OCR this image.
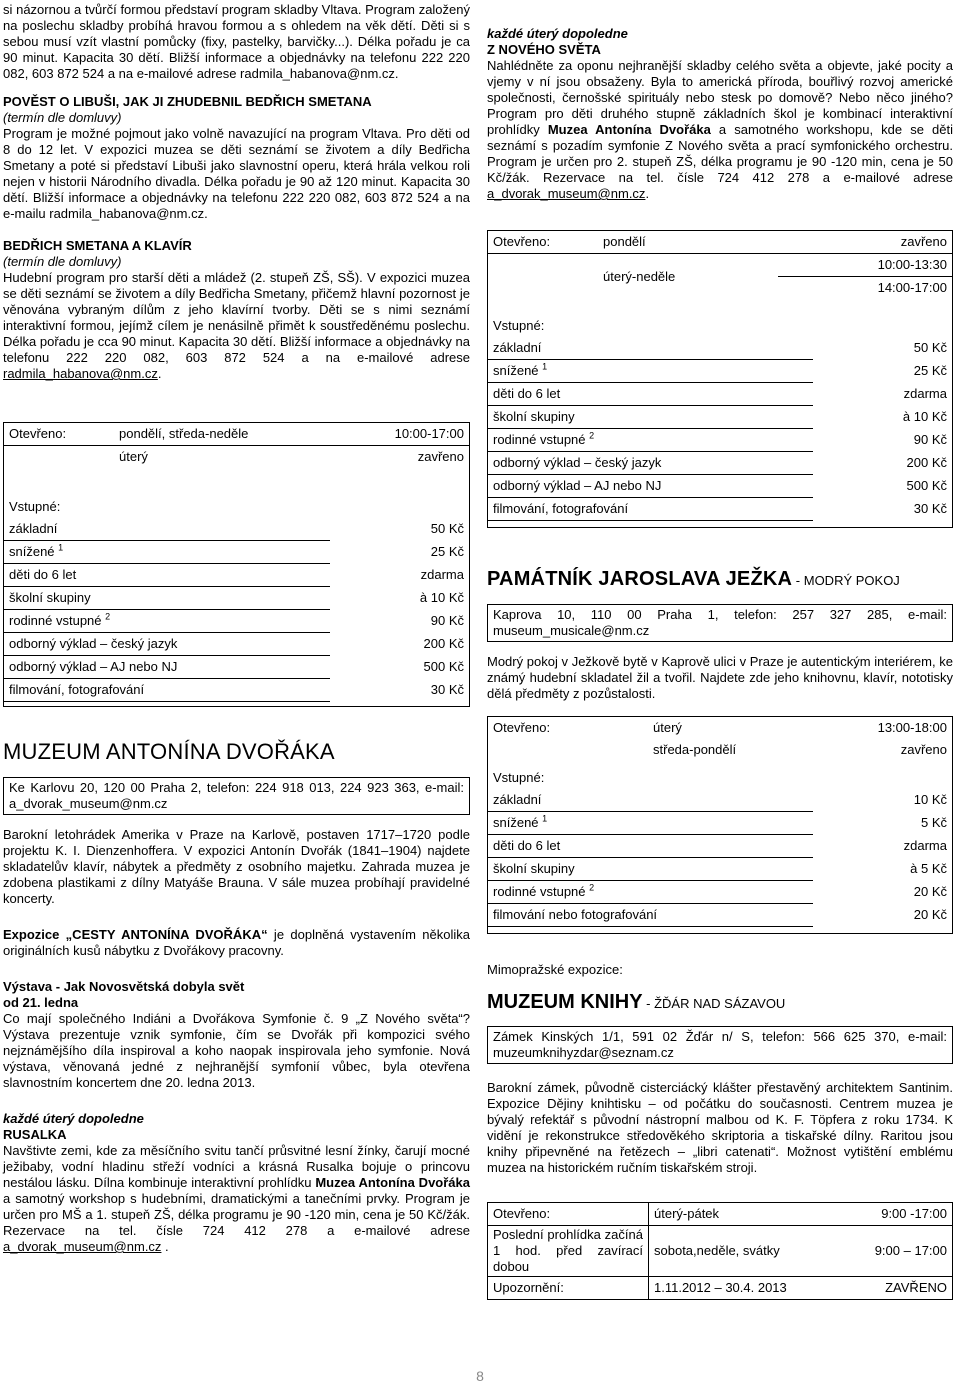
si názornou a tvůrčí formou představí program skladby Vltava. Program založený na poslechu skladby probíhá hravou formou a s ohledem na věk dětí. Děti si s sebou musí vzít vlastní pomůcky (fixy, pastelky, barvičky...). Délka pořadu je ca 90 minut. Kapacita 30 dětí. Bližší informace a objednávky na telefonu 222 220 082, 603 872 524 a na e-mailové adrese radmila_habanova@nm.cz.

POVĚST O LIBUŠI, JAK JI ZHUDEBNIL BEDŘICH SMETANA

(termín dle domluvy)

Program je možné pojmout jako volně navazující na program Vltava. Pro děti od 8 do 12 let. V expozici muzea se děti seznámí se životem a díly Bedřicha Smetany a poté si představí Libuši jako slavnostní operu, která hrála velkou roli nejen v historii Národního divadla. Délka pořadu je 90 až 120 minut. Kapacita 30 dětí. Bližší informace a objednávky na telefonu 222 220 082, 603 872 524 a na e-mailu radmila_habanova@nm.cz.

BEDŘICH SMETANA A KLAVÍR

(termín dle domluvy)

Hudební program pro starší děti a mládež (2. stupeň ZŠ, SŠ). V expozici muzea se děti seznámí se životem a díly Bedřicha Smetany, přičemž hlavní pozornost je věnována vybraným dílům z jeho klavírní tvorby. Děti se s nimi seznámí interaktivní formou, jejímž cílem je nenásilně přimět k soustředěnému poslechu. Délka pořadu je cca 90 minut. Kapacita 30 dětí. Bližší informace a objednávky na telefonu 222 220 082, 603 872 524 a na e-mailové adrese radmila_habanova@nm.cz.

Otevřeno:	pondělí, středa-neděle	10:00-17:00
	úterý	zavřeno
Vstupné:	
základní	50 Kč
snížené $^1$	25 Kč
děti do 6 let	zdarma
školní skupiny	à 10 Kč
rodinné vstupné $^2$	90 Kč
odborný výklad – český jazyk	200 Kč
odborný výklad – AJ nebo NJ	500 Kč
filmování, fotografování	30 Kč

MUZEUM ANTONÍNA DVOŘÁKA

Ke Karlovu 20, 120 00 Praha 2, telefon: 224 918 013, 224 923 363, e-mail: a_dvorak_museum@nm.cz

Barokní letohrádek Amerika v Praze na Karlově, postaven 1717–1720 podle projektu K. I. Dienzenhoffera. V expozici Antonín Dvořák (1841–1904) najdete skladatelův klavír, nábytek a předměty z osobního majetku. Zahrada muzea je zdobena plastikami z dílny Matyáše Brauna. V sále muzea probíhají pravidelné koncerty.

Expozice „CESTY ANTONÍNA DVOŘÁKA“ je doplněná vystavením několika originálních kusů nábytku z Dvořákovy pracovny.

Výstava - Jak Novosvětská dobyla svět

od 21. ledna

Co mají společného Indiáni a Dvořákova Symfonie č. 9 „Z Nového světa“? Výstava prezentuje vznik symfonie, čím se Dvořák při kompozici svého nejznámějšího díla inspiroval a koho naopak inspirovala jeho symfonie. Nová výstava, věnovaná jedné z nejhranější symfonií vůbec, byla otevřena slavnostním koncertem dne 20. ledna 2013.

každé úterý dopoledne

RUSALKA

Navštivte zemi, kde za měsíčního svitu tančí průsvitné lesní žínky, čarují mocné ježibaby, vodní hladinu střeží vodníci a krásná Rusalka bojuje o princovu nestálou lásku. Dílna kombinuje interaktivní prohlídku Muzea Antonína Dvořáka a samotný workshop s hudebními, dramatickými a tanečními prvky. Program je určen pro MŠ a 1. stupeň ZŠ, délka programu je 90 -120 min, cena je 50 Kč/žák. Rezervace na tel. čísle 724 412 278 a e-mailové adrese a_dvorak_museum@nm.cz .

každé úterý dopoledne

Z NOVÉHO SVĚTA

Nahlédněte za oponu nejhranější skladby celého světa a objevte, jaké pocity a vjemy v ní jsou obsaženy. Byla to americká příroda, bouřlivý rozvoj americké společnosti, černošské spirituály nebo stesk po domově? Nebo něco jiného? Program pro děti druhého stupně základních škol je kombinací interaktivní prohlídky Muzea Antonína Dvořáka a samotného workshopu, kde se děti seznámí s pozadím symfonie Z Nového světa a prací symfonického orchestru. Program je určen pro 2. stupeň ZŠ, délka programu je 90 -120 min, cena je 50 Kč/žák. Rezervace na tel. čísle 724 412 278 a e-mailové adrese a_dvorak_museum@nm.cz.

Otevřeno:	pondělí	zavřeno
	úterý-neděle	10:00-13:30
		14:00-17:00
Vstupné:	
základní	50 Kč
snížené $^1$	25 Kč
děti do 6 let	zdarma
školní skupiny	à 10 Kč
rodinné vstupné $^2$	90 Kč
odborný výklad – český jazyk	200 Kč
odborný výklad – AJ nebo NJ	500 Kč
filmování, fotografování	30 Kč

PAMÁTNÍK JAROSLAVA JEŽKA - MODRÝ POKOJ

Kaprova 10, 110 00 Praha 1, telefon: 257 327 285, e-mail: museum_musicale@nm.cz

Modrý pokoj v Ježkově bytě v Kaprově ulici v Praze je autentickým interiérem, ke známý hudební skladatel žil a tvořil. Najdete zde jeho knihovnu, klavír, nototisky dělá předměty z pozůstalosti.

Otevřeno:	úterý	13:00-18:00
	středa-pondělí	zavřeno
Vstupné:	
základní	10 Kč
snížené $^1$	5 Kč
děti do 6 let	zdarma
školní skupiny	à 5 Kč
rodinné vstupné $^2$	20 Kč
filmování nebo fotografování	20 Kč

Mimopražské expozice:

MUZEUM KNIHY - ŽĎÁR NAD SÁZAVOU

Zámek Kinských 1/1, 591 02 Žďár n/ S, telefon: 566 625 370, e-mail: muzeumknihyzdar@seznam.cz

Barokní zámek, původně cisterciácký klášter přestavěný architektem Santinim. Expozice Dějiny knihtisku – od počátku do současnosti. Centrem muzea je bývalý refektář s původní nástropní malbou od K. F. Töpfera z roku 1734. K vidění je rekonstrukce středověkého skriptoria a tiskařské dílny. Raritou jsou knihy připevněné na řetězech – „libri catenati“. Možnost vytištění emblému muzea na historickém ručním tiskařském stroji.

Otevřeno:	úterý-pátek	9:00 -17:00
Poslední prohlídka začíná 1 hod. před zavírací dobou	sobota,neděle, svátky	9:00 – 17:00
Upozornění:	1.11.2012 – 30.4. 2013	ZAVŘENO
8
